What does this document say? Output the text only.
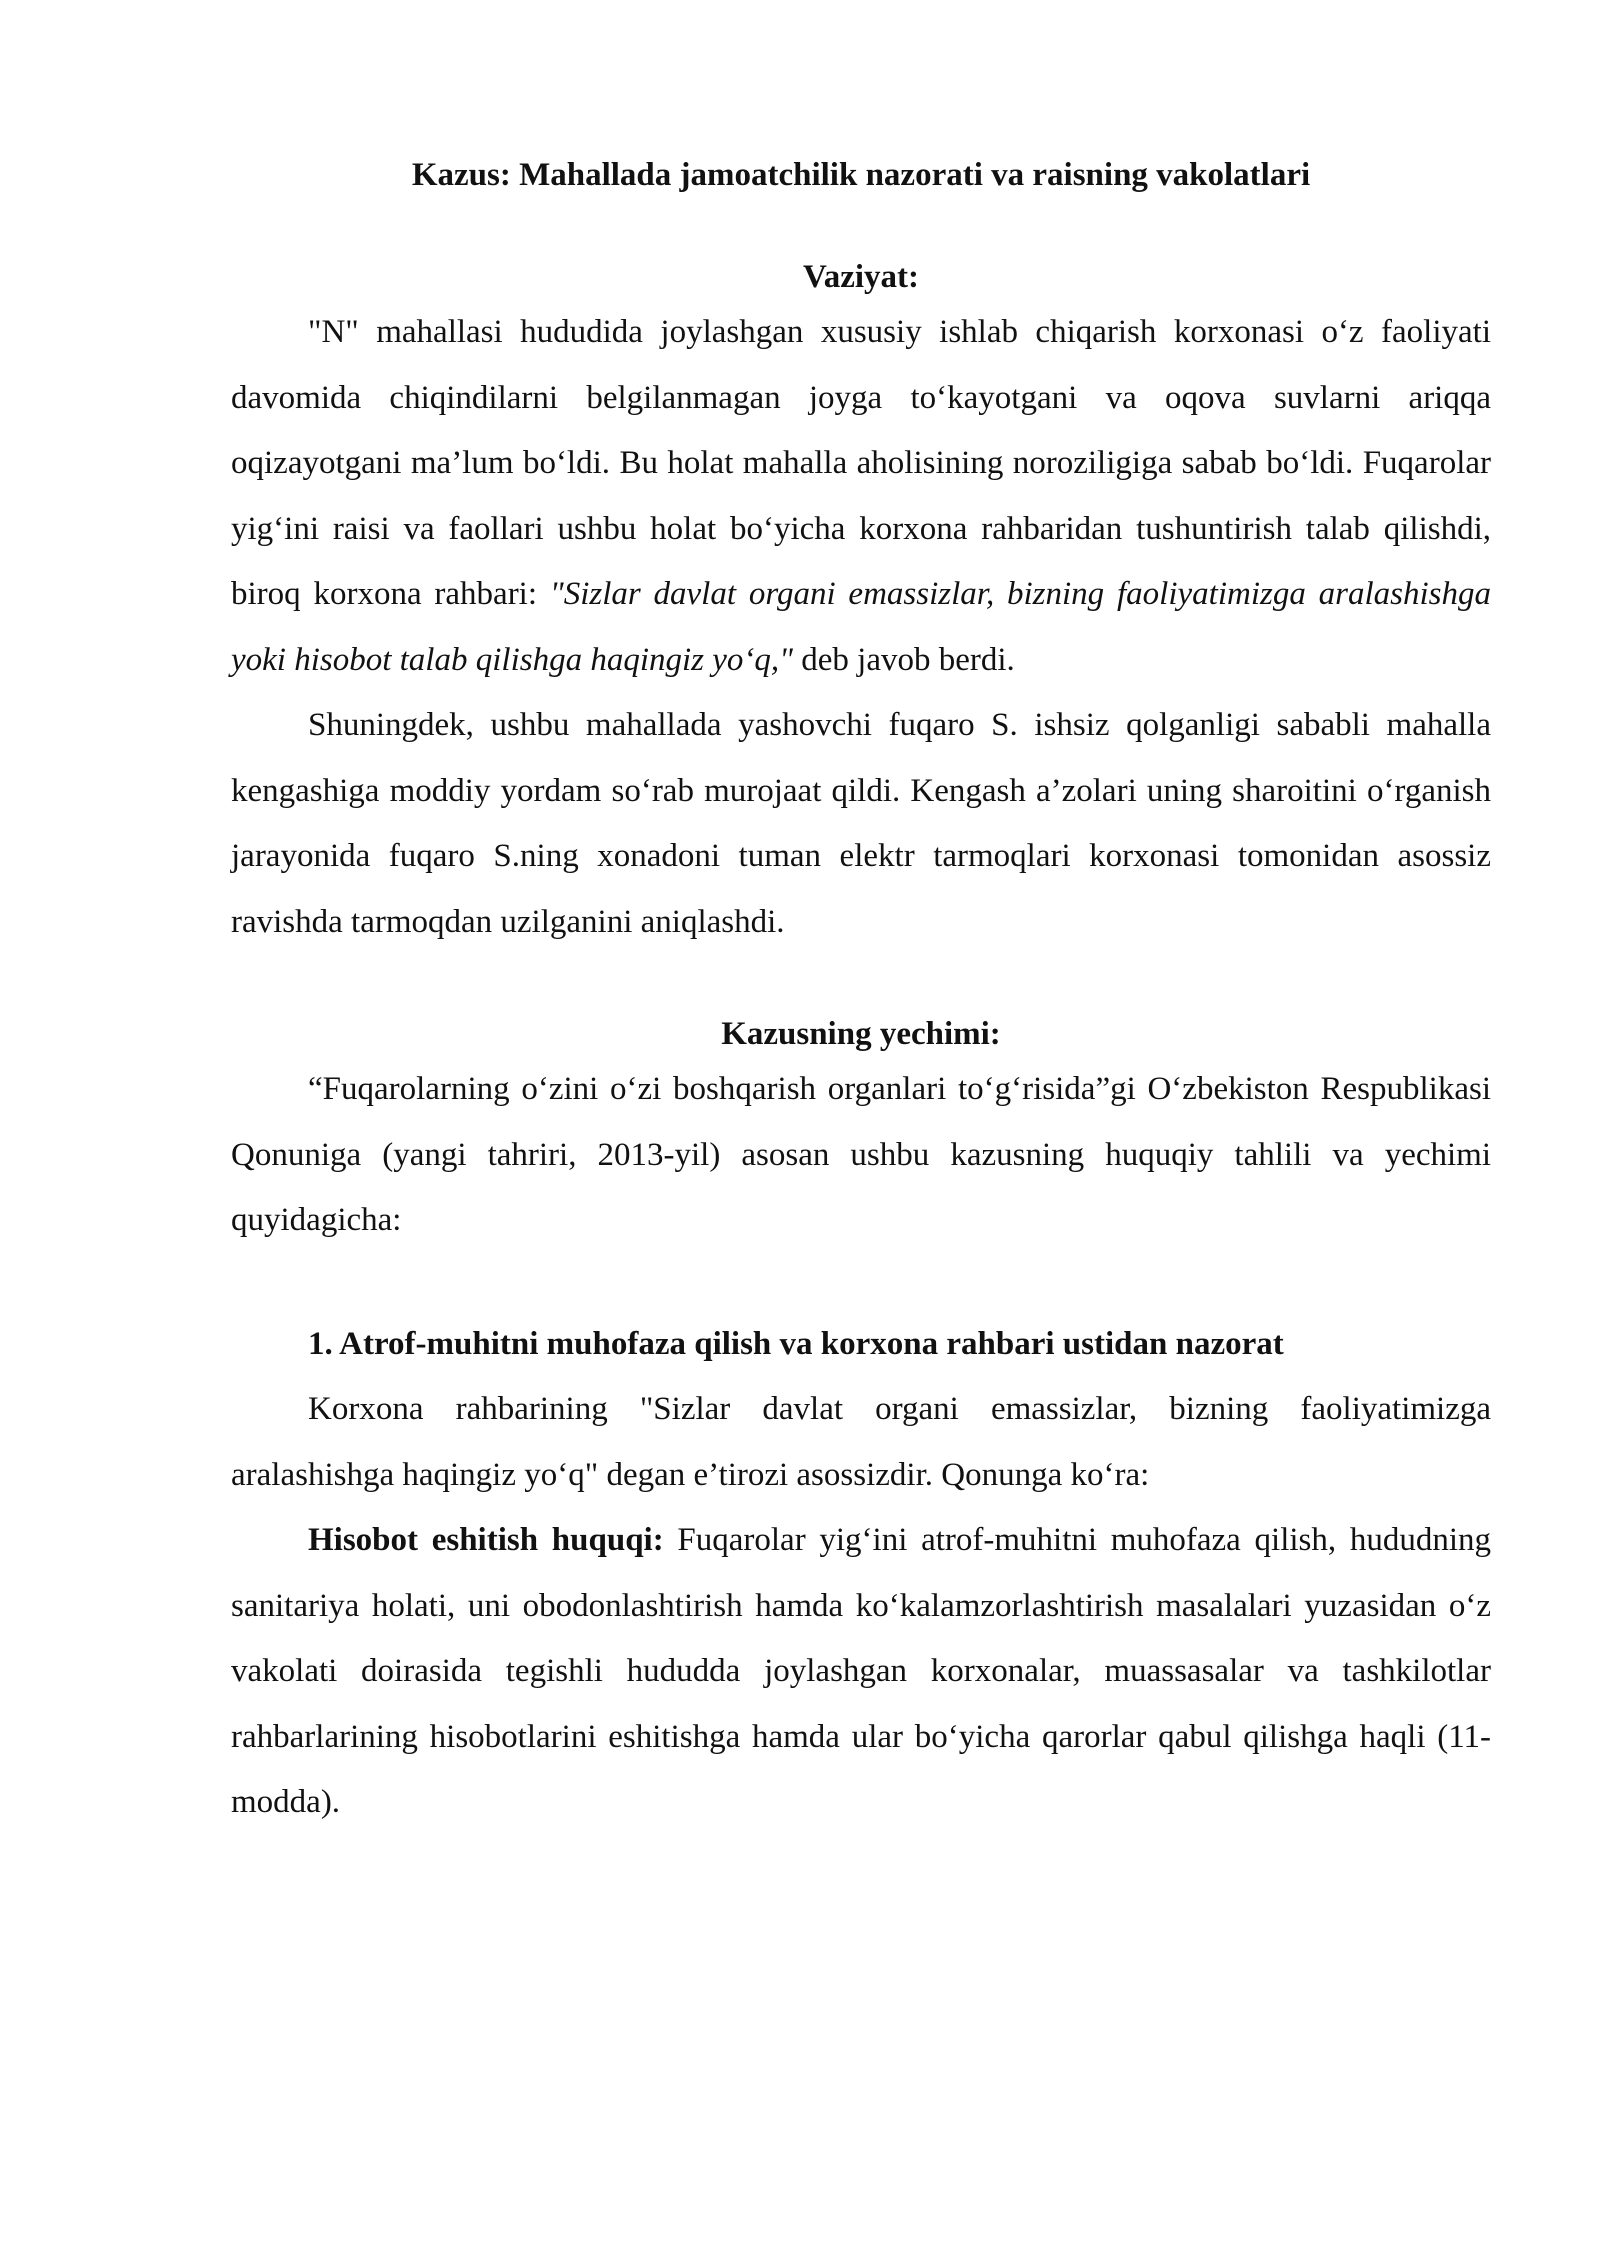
Kazus: Mahallada jamoatchilik nazorati va raisning vakolatlari
Vaziyat:

"N" mahallasi hududida joylashgan xususiy ishlab chiqarish korxonasi o‘z faoliyati davomida chiqindilarni belgilanmagan joyga to‘kayotgani va oqova suvlarni ariqqa oqizayotgani ma’lum bo‘ldi. Bu holat mahalla aholisining noroziligiga sabab bo‘ldi. Fuqarolar yig‘ini raisi va faollari ushbu holat bo‘yicha korxona rahbaridan tushuntirish talab qilishdi, biroq korxona rahbari: "Sizlar davlat organi emassizlar, bizning faoliyatimizga aralashishga yoki hisobot talab qilishga haqingiz yo‘q," deb javob berdi.

Shuningdek, ushbu mahallada yashovchi fuqaro S. ishsiz qolganligi sababli mahalla kengashiga moddiy yordam so‘rab murojaat qildi. Kengash a’zolari uning sharoitini o‘rganish jarayonida fuqaro S.ning xonadoni tuman elektr tarmoqlari korxonasi tomonidan asossiz ravishda tarmoqdan uzilganini aniqlashdi.

Kazusning yechimi:

“Fuqarolarning o‘zini o‘zi boshqarish organlari to‘g‘risida”gi O‘zbekiston Respublikasi Qonuniga (yangi tahriri, 2013-yil) asosan ushbu kazusning huquqiy tahlili va yechimi quyidagicha:

1. Atrof-muhitni muhofaza qilish va korxona rahbari ustidan nazorat

Korxona rahbarining "Sizlar davlat organi emassizlar, bizning faoliyatimizga aralashishga haqingiz yo‘q" degan e’tirozi asossizdir. Qonunga ko‘ra:

Hisobot eshitish huquqi: Fuqarolar yig‘ini atrof-muhitni muhofaza qilish, hududning sanitariya holati, uni obodonlashtirish hamda ko‘kalamzorlashtirish masalalari yuzasidan o‘z vakolati doirasida tegishli hududda joylashgan korxonalar, muassasalar va tashkilotlar rahbarlarining hisobotlarini eshitishga hamda ular bo‘yicha qarorlar qabul qilishga haqli (11-modda).
